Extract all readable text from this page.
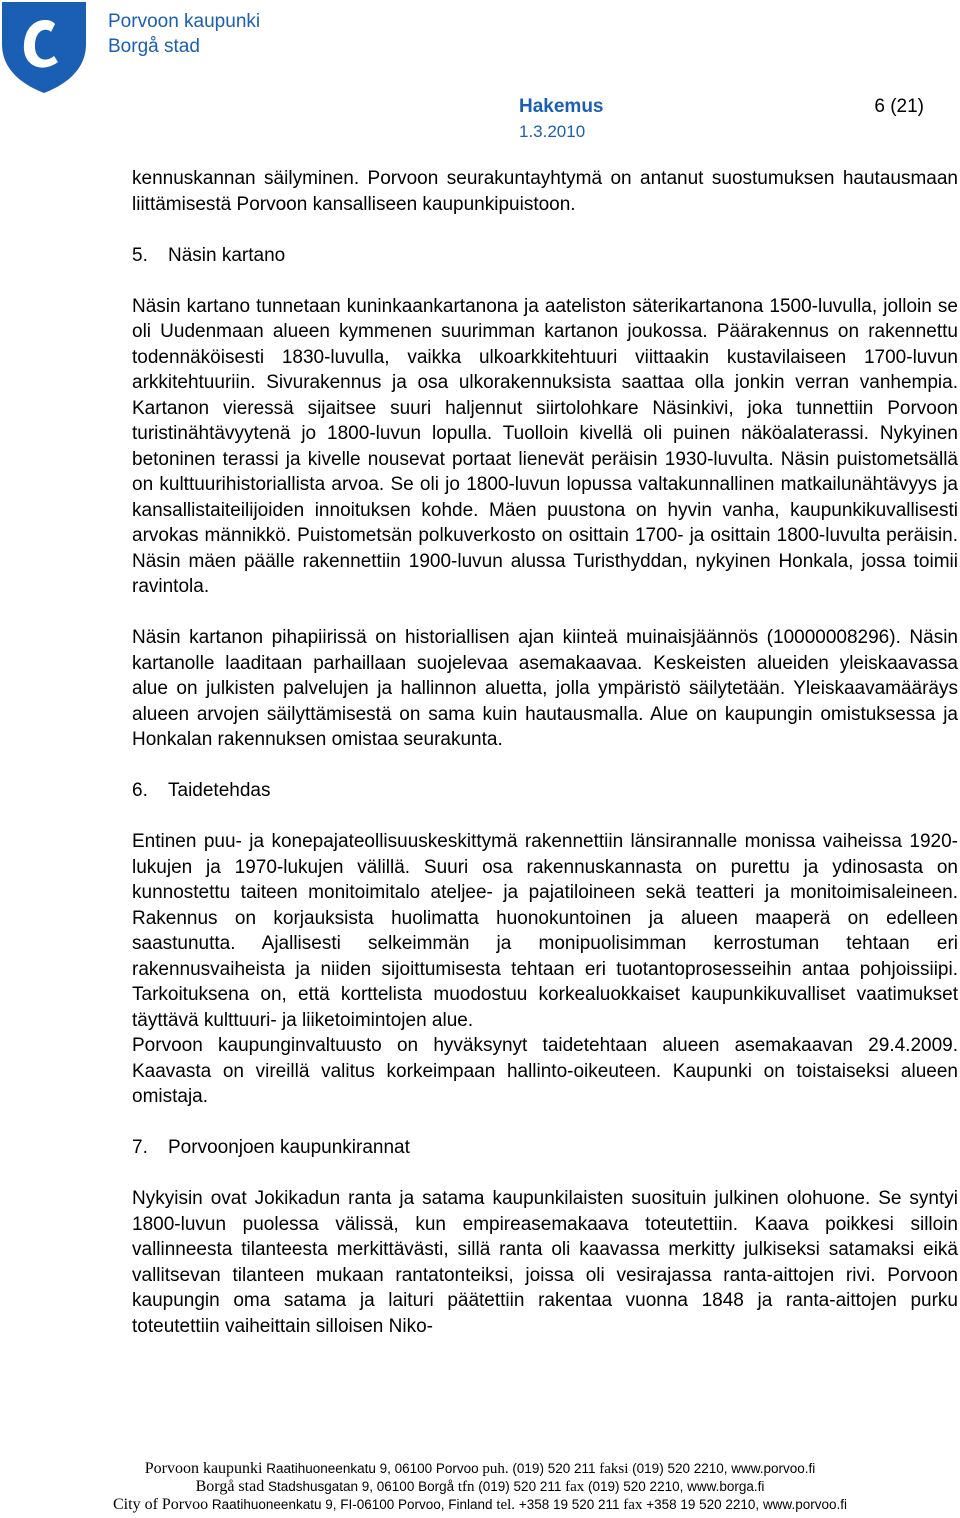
Porvoon kaupunki
Borgå stad
Hakemus	6 (21)
1.3.2010

kennuskannan säilyminen. Porvoon seurakuntayhtymä on antanut suostumuksen hautausmaan liittämisestä Porvoon kansalliseen kaupunkipuistoon.

5. Näsin kartano

Näsin kartano tunnetaan kuninkaankartanona ja aateliston säterikartanona 1500-luvulla, jolloin se oli Uudenmaan alueen kymmenen suurimman kartanon joukossa. Päärakennus on rakennettu todennäköisesti 1830-luvulla, vaikka ulkoarkkitehtuuri viittaakin kustavilaiseen 1700-luvun arkkitehtuuriin. Sivurakennus ja osa ulkorakennuksista saattaa olla jonkin verran vanhempia. Kartanon vieressä sijaitsee suuri haljennut siirtolohkare Näsinkivi, joka tunnettiin Porvoon turistinähtävyytenä jo 1800-luvun lopulla. Tuolloin kivellä oli puinen näköalaterassi. Nykyinen betoninen terassi ja kivelle nousevat portaat lienevät peräisin 1930-luvulta. Näsin puistometsällä on kulttuurihistoriallista arvoa. Se oli jo 1800-luvun lopussa valtakunnallinen matkailunähtävyys ja kansallistaiteilijoiden innoituksen kohde. Mäen puustona on hyvin vanha, kaupunkikuvallisesti arvokas männikkö. Puistometsän polkuverkosto on osittain 1700- ja osittain 1800-luvulta peräisin. Näsin mäen päälle rakennettiin 1900-luvun alussa Turisthyddan, nykyinen Honkala, jossa toimii ravintola.

Näsin kartanon pihapiirissä on historiallisen ajan kiinteä muinaisjäännös (10000008296). Näsin kartanolle laaditaan parhaillaan suojelevaa asemakaavaa. Keskeisten alueiden yleiskaavassa alue on julkisten palvelujen ja hallinnon aluetta, jolla ympäristö säilytetään. Yleiskaavamääräys alueen arvojen säilyttämisestä on sama kuin hautausmalla. Alue on kaupungin omistuksessa ja Honkalan rakennuksen omistaa seurakunta.

6. Taidetehdas

Entinen puu- ja konepajateollisuuskeskittymä rakennettiin länsirannalle monissa vaiheissa 1920-lukujen ja 1970-lukujen välillä. Suuri osa rakennuskannasta on purettu ja ydinosasta on kunnostettu taiteen monitoimitalo ateljee- ja pajatiloineen sekä teatteri ja monitoimisaleineen. Rakennus on korjauksista huolimatta huonokuntoinen ja alueen maaperä on edelleen saastunutta. Ajallisesti selkeimmän ja monipuolisimman kerrostuman tehtaan eri rakennusvaiheista ja niiden sijoittumisesta tehtaan eri tuotantoprosesseihin antaa pohjoissiipi. Tarkoituksena on, että korttelista muodostuu korkealuokkaiset kaupunkikuvalliset vaatimukset täyttävä kulttuuri- ja liiketoimintojen alue.

Porvoon kaupunginvaltuusto on hyväksynyt taidetehtaan alueen asemakaavan 29.4.2009. Kaavasta on vireillä valitus korkeimpaan hallinto-oikeuteen. Kaupunki on toistaiseksi alueen omistaja.

7. Porvoonjoen kaupunkirannat

Nykyisin ovat Jokikadun ranta ja satama kaupunkilaisten suosituin julkinen olohuone. Se syntyi 1800-luvun puolessa välissä, kun empireasemakaava toteutettiin. Kaava poikkesi silloin vallinneesta tilanteesta merkittävästi, sillä ranta oli kaavassa merkitty julkiseksi satamaksi eikä vallitsevan tilanteen mukaan rantatonteiksi, joissa oli vesirajassa ranta-aittojen rivi. Porvoon kaupungin oma satama ja laituri päätettiin rakentaa vuonna 1848 ja ranta-aittojen purku toteutettiin vaiheittain silloisen Niko-

Porvoon kaupunki Raatihuoneenkatu 9, 06100 Porvoo puh. (019) 520 211 faksi (019) 520 2210, www.porvoo.fi
Borgå stad Stadshusgatan 9, 06100 Borgå tfn (019) 520 211 fax (019) 520 2210, www.borga.fi
City of Porvoo Raatihuoneenkatu 9, FI-06100 Porvoo, Finland tel. +358 19 520 211 fax +358 19 520 2210, www.porvoo.fi
